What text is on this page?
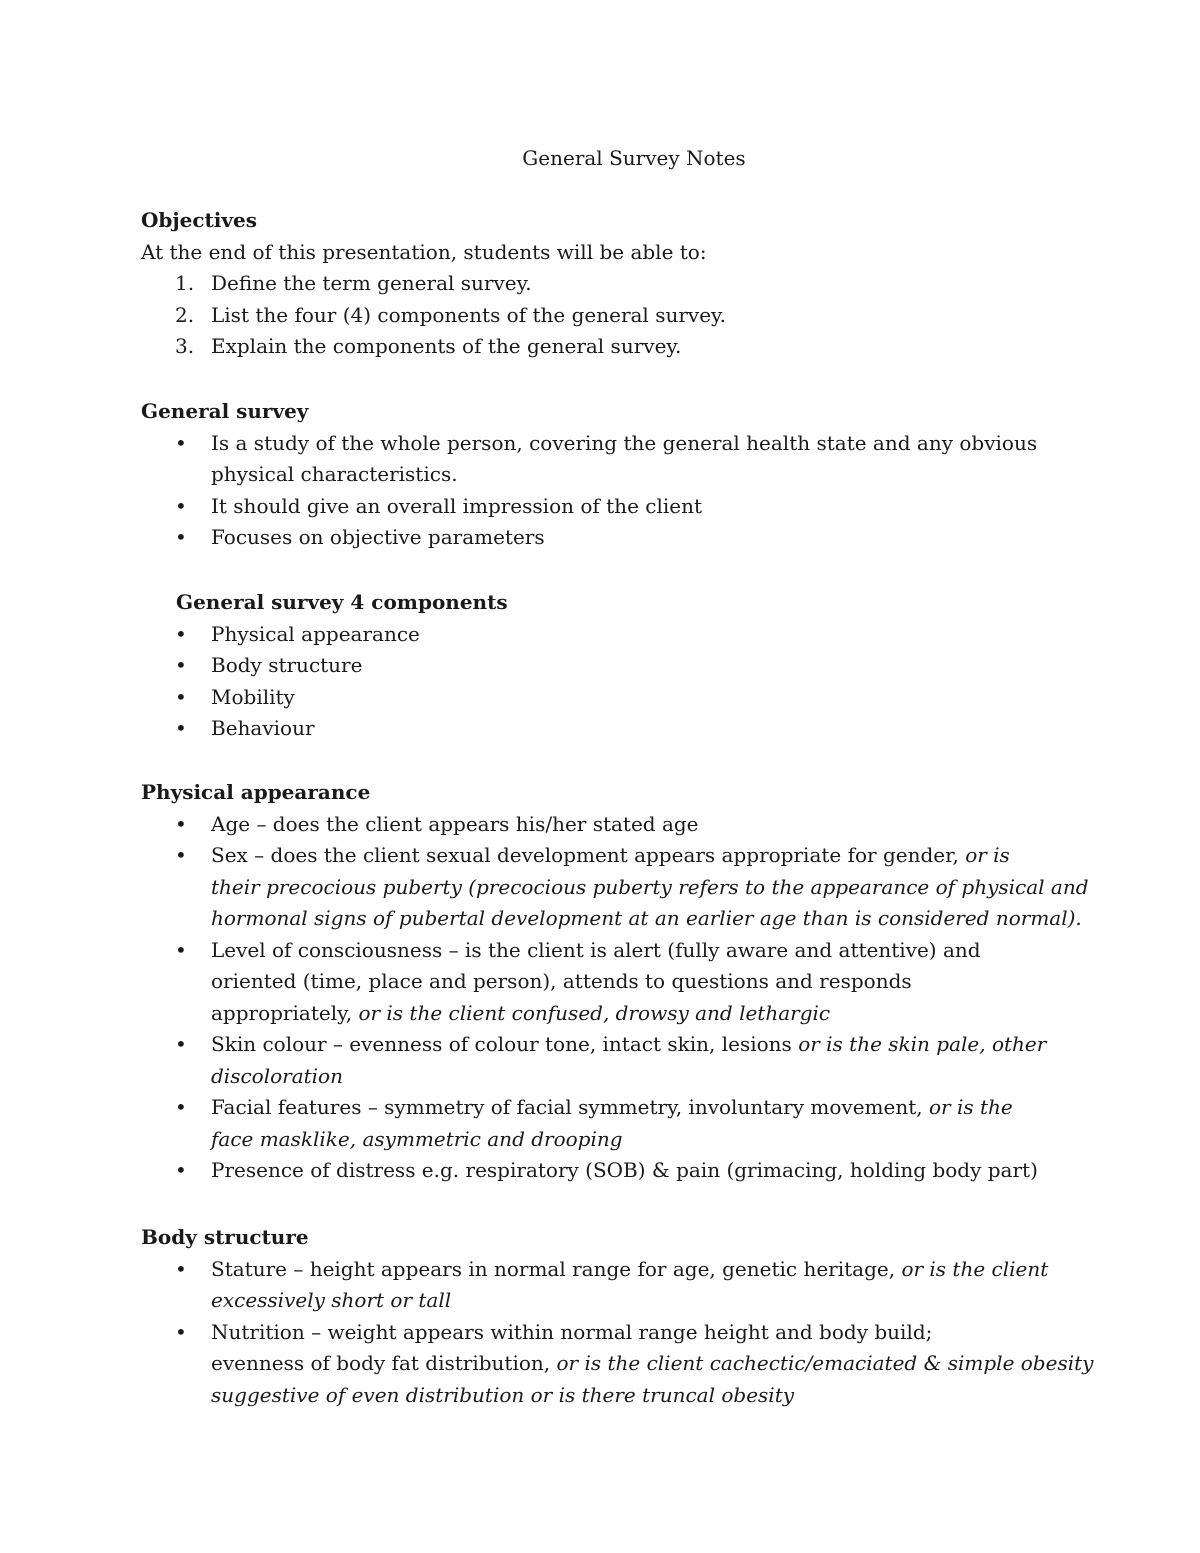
General Survey Notes
Objectives
At the end of this presentation, students will be able to:
1. Define the term general survey.
2. List the four (4) components of the general survey.
3. Explain the components of the general survey.
General survey
• Is a study of the whole person, covering the general health state and any obvious
physical characteristics.
• It should give an overall impression of the client
• Focuses on objective parameters
General survey 4 components
• Physical appearance
• Body structure
• Mobility
• Behaviour
Physical appearance
• Age – does the client appears his/her stated age
• Sex – does the client sexual development appears appropriate for gender, or is
their precocious puberty (precocious puberty refers to the appearance of physical and
hormonal signs of pubertal development at an earlier age than is considered normal).
• Level of consciousness – is the client is alert (fully aware and attentive) and
oriented (time, place and person), attends to questions and responds
appropriately, or is the client confused, drowsy and lethargic
• Skin colour – evenness of colour tone, intact skin, lesions or is the skin pale, other
discoloration
• Facial features – symmetry of facial symmetry, involuntary movement, or is the
face masklike, asymmetric and drooping
• Presence of distress e.g. respiratory (SOB) & pain (grimacing, holding body part)
Body structure
• Stature – height appears in normal range for age, genetic heritage, or is the client
excessively short or tall
• Nutrition – weight appears within normal range height and body build;
evenness of body fat distribution, or is the client cachectic/emaciated & simple obesity
suggestive of even distribution or is there truncal obesity
